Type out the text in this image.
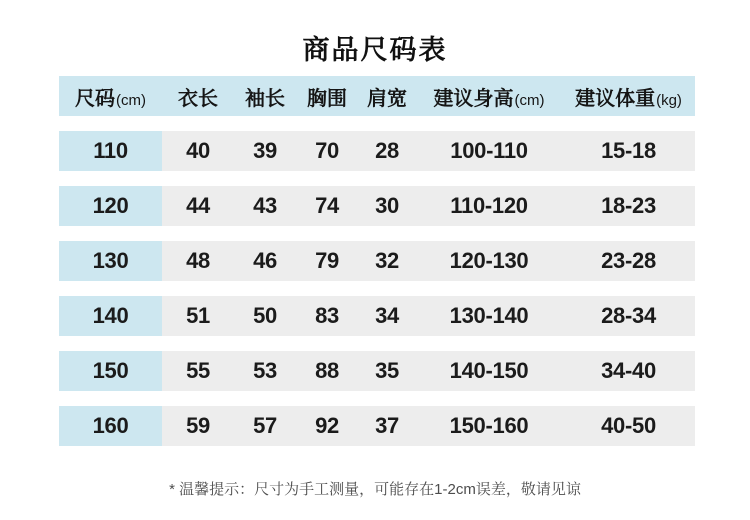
商品尺码表
尺码(cm)	衣长	袖长	胸围	肩宽	建议身高(cm)	建议体重(kg)
110	40	39	70	28	100-110	15-18
120	44	43	74	30	110-120	18-23
130	48	46	79	32	120-130	23-28
140	51	50	83	34	130-140	28-34
150	55	53	88	35	140-150	34-40
160	59	57	92	37	150-160	40-50

* 温馨提示：尺寸为手工测量，可能存在1-2cm误差，敬请见谅
